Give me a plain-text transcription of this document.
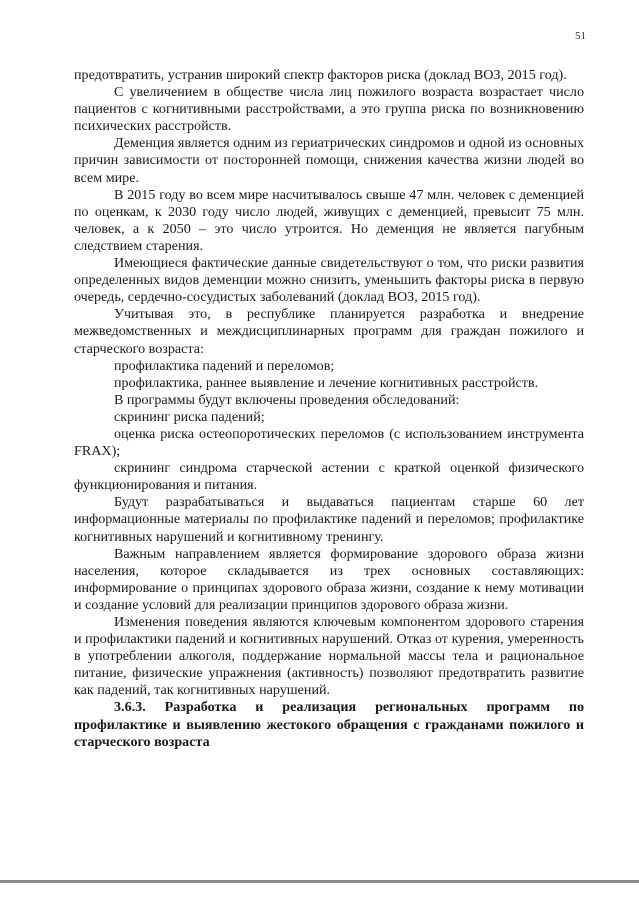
51

предотвратить, устранив широкий спектр факторов риска (доклад ВОЗ, 2015 год).

С увеличением в обществе числа лиц пожилого возраста возрастает число пациентов с когнитивными расстройствами, а это группа риска по возникновению психических расстройств.

Деменция является одним из гериатрических синдромов и одной из основных причин зависимости от посторонней помощи, снижения качества жизни людей во всем мире.

В 2015 году во всем мире насчитывалось свыше 47 млн. человек с деменцией по оценкам, к 2030 году число людей, живущих с деменцией, превысит 75 млн. человек, а к 2050 – это число утроится. Но деменция не является пагубным следствием старения.

Имеющиеся фактические данные свидетельствуют о том, что риски развития определенных видов деменции можно снизить, уменьшить факторы риска в первую очередь, сердечно-сосудистых заболеваний (доклад ВОЗ, 2015 год).

Учитывая это, в республике планируется разработка и внедрение межведомственных и междисциплинарных программ для граждан пожилого и старческого возраста:

профилактика падений и переломов;

профилактика, раннее выявление и лечение когнитивных расстройств.

В программы будут включены проведения обследований:

скрининг риска падений;

оценка риска остеопоротических переломов (с использованием инструмента FRAX);

скрининг синдрома старческой астении с краткой оценкой физического функционирования и питания.

Будут разрабатываться и выдаваться пациентам старше 60 лет информационные материалы по профилактике падений и переломов; профилактике когнитивных нарушений и когнитивному тренингу.

Важным направлением является формирование здорового образа жизни населения, которое складывается из трех основных составляющих: информирование о принципах здорового образа жизни, создание к нему мотивации и создание условий для реализации принципов здорового образа жизни.

Изменения поведения являются ключевым компонентом здорового старения и профилактики падений и когнитивных нарушений. Отказ от курения, умеренность в употреблении алкоголя, поддержание нормальной массы тела и рациональное питание, физические упражнения (активность) позволяют предотвратить развитие как падений, так когнитивных нарушений.

3.6.3. Разработка и реализация региональных программ по профилактике и выявлению жестокого обращения с гражданами пожилого и старческого возраста
